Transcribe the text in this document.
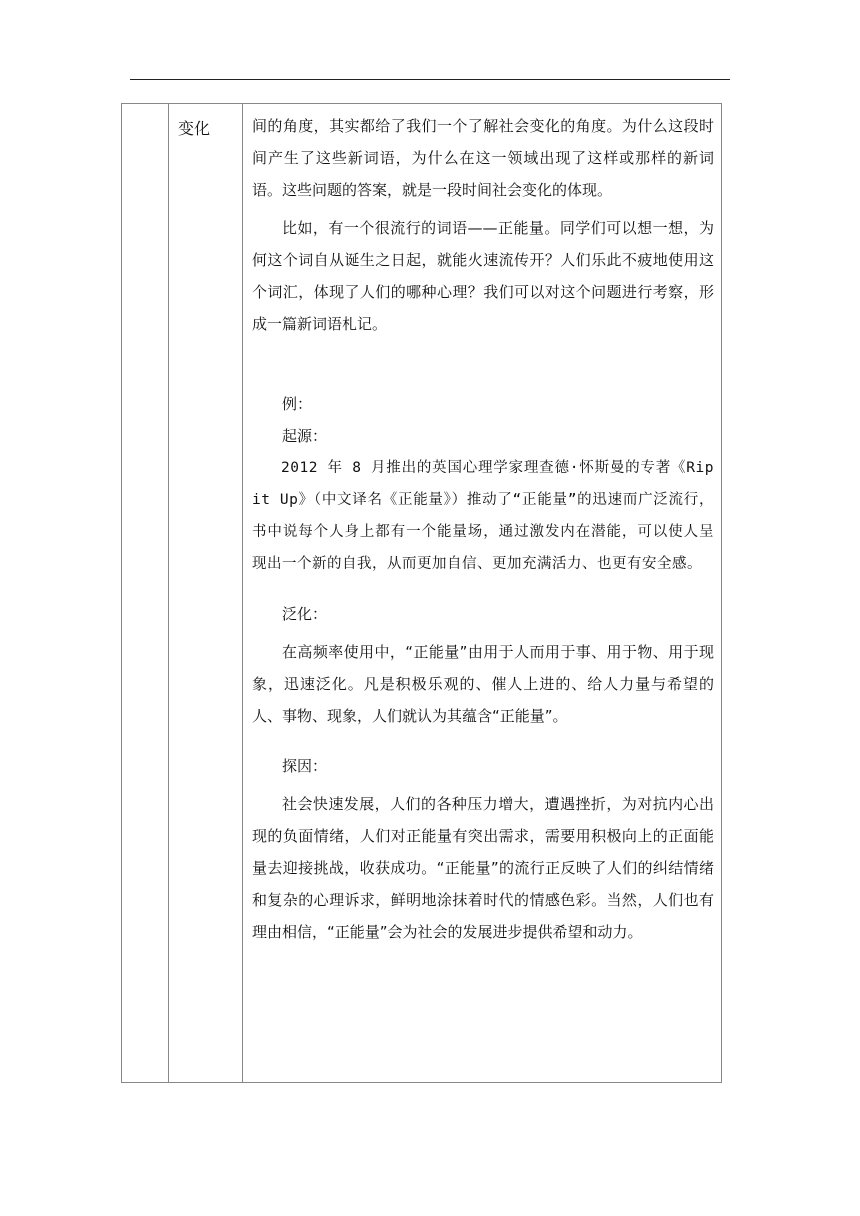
变化	间的角度，其实都给了我们一个了解社会变化的角度。为什么这段时间产生了这些新词语，为什么在这一领域出现了这样或那样的新词语。这些问题的答案，就是一段时间社会变化的体现。

比如，有一个很流行的词语——正能量。同学们可以想一想，为何这个词自从诞生之日起，就能火速流传开？人们乐此不疲地使用这个词汇，体现了人们的哪种心理？我们可以对这个问题进行考察，形成一篇新词语札记。

例：

起源：

2012 年 8 月推出的英国心理学家理查德·怀斯曼的专著《Rip it Up》（中文译名《正能量》）推动了“正能量”的迅速而广泛流行，书中说每个人身上都有一个能量场，通过激发内在潜能，可以使人呈现出一个新的自我，从而更加自信、更加充满活力、也更有安全感。

泛化：

在高频率使用中，“正能量”由用于人而用于事、用于物、用于现象，迅速泛化。凡是积极乐观的、催人上进的、给人力量与希望的人、事物、现象，人们就认为其蕴含“正能量”。

探因：

社会快速发展，人们的各种压力增大，遭遇挫折，为对抗内心出现的负面情绪，人们对正能量有突出需求，需要用积极向上的正面能量去迎接挑战，收获成功。“正能量”的流行正反映了人们的纠结情绪和复杂的心理诉求，鲜明地涂抹着时代的情感色彩。当然，人们也有理由相信，“正能量”会为社会的发展进步提供希望和动力。
